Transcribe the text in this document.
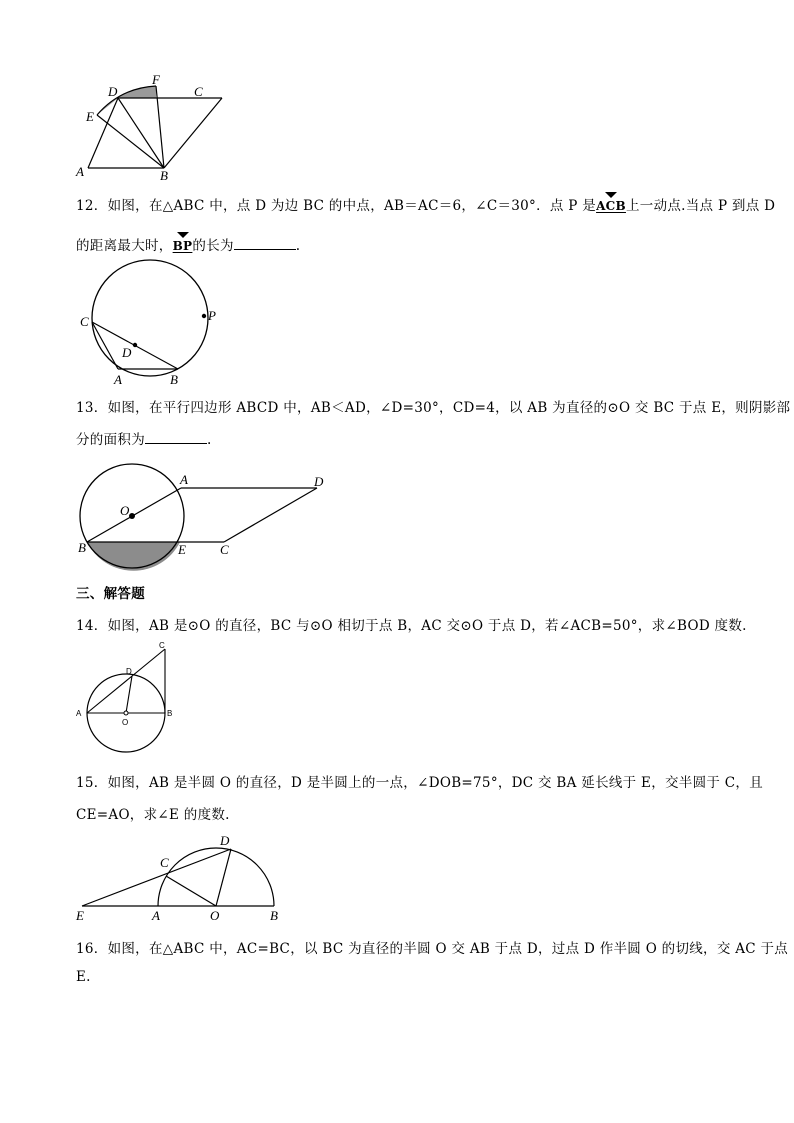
D
F
C
E
A	B
12．如图，在△ABC 中，点 D 为边 BC 的中点，AB＝AC＝6，∠C＝30°．点 P 是ACB上一动点.当点 P 到点 D
的距离最大时，BP的长为	.
C	P
D
A	B
13．如图，在平行四边形 ABCD 中，AB＜AD，∠D=30°，CD=4，以 AB 为直径的⊙O 交 BC 于点 E，则阴影部
分的面积为	.
A	D
O
B	E	C
三、解答题
14．如图，AB 是⊙O 的直径，BC 与⊙O 相切于点 B，AC 交⊙O 于点 D，若∠ACB=50°，求∠BOD 度数.
C
D
A
O
B
15．如图，AB 是半圆 O 的直径，D 是半圆上的一点，∠DOB=75°，DC 交 BA 延长线于 E，交半圆于 C，且
CE=AO，求∠E 的度数.
D
C
E	A	O	B
16．如图，在△ABC 中，AC=BC，以 BC 为直径的半圆 O 交 AB 于点 D，过点 D 作半圆 O 的切线，交 AC 于点
E.
